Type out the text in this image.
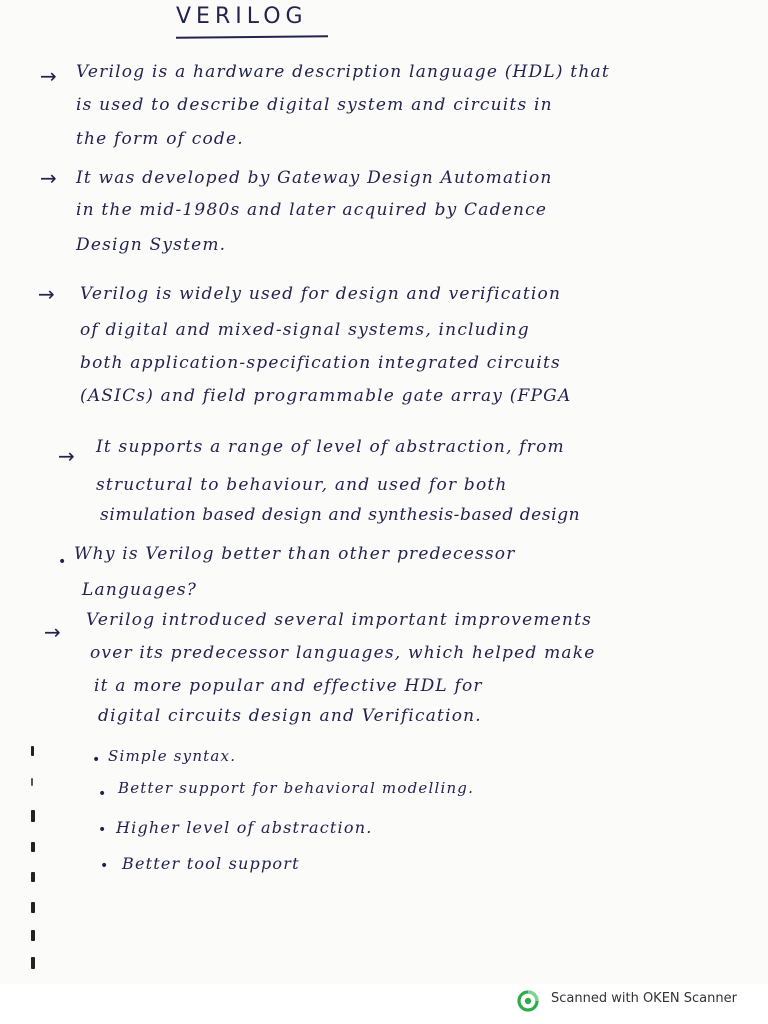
VERILOG
→ Verilog is a hardware description language (HDL) that
is used to describe digital system and circuits in
the form of code.
→ It was developed by Gateway Design Automation
in the mid-1980s and later acquired by Cadence
Design System.
→ Verilog is widely used for design and verification
of digital and mixed-signal systems, including
both application-specification integrated circuits
(ASICs) and field programmable gate array (FPGA
→ It supports a range of level of abstraction, from
structural to behaviour, and used for both
simulation based design and synthesis-based design
• Why is Verilog better than other predecessor
Languages?
→ Verilog introduced several important improvements
over its predecessor languages, which helped make
it a more popular and effective HDL for
digital circuits design and Verification.
• Simple syntax.
• Better support for behavioral modelling.
• Higher level of abstraction.
• Better tool support
Scanned with OKEN Scanner
